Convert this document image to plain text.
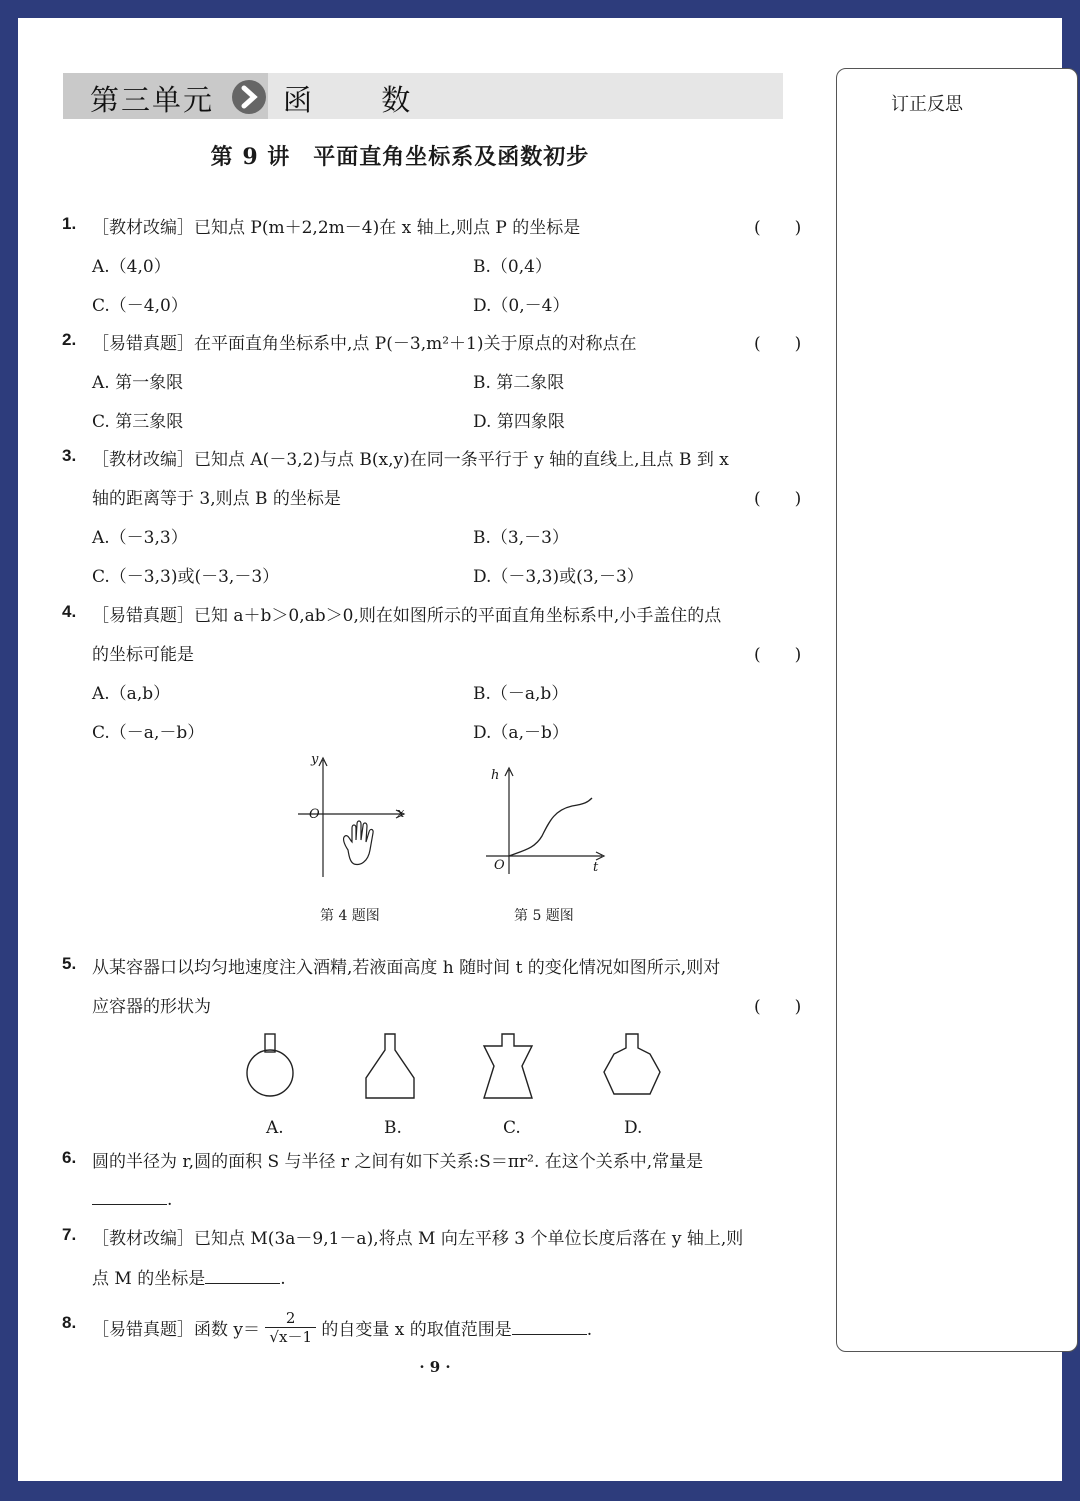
第三单元 函 数
第 9 讲　平面直角坐标系及函数初步
订正反思
1. ［教材改编］已知点 P(m＋2,2m－4)在 x 轴上,则点 P 的坐标是	(　　)
A.（4,0）	B.（0,4）
C.（－4,0）	D.（0,－4）
2. ［易错真题］在平面直角坐标系中,点 P(－3,m²＋1)关于原点的对称点在	(　　)
A. 第一象限	B. 第二象限
C. 第三象限	D. 第四象限
3. ［教材改编］已知点 A(－3,2)与点 B(x,y)在同一条平行于 y 轴的直线上,且点 B 到 x
轴的距离等于 3,则点 B 的坐标是	(　　)
A.（－3,3）	B.（3,－3）
C.（－3,3)或(－3,－3）	D.（－3,3)或(3,－3）
4. ［易错真题］已知 a＋b＞0,ab＞0,则在如图所示的平面直角坐标系中,小手盖住的点
的坐标可能是	(　　)
A.（a,b）	B.（－a,b）
C.（－a,－b）	D.（a,－b）
y
x
O
第 4 题图
h
t
O
第 5 题图
5. 从某容器口以均匀地速度注入酒精,若液面高度 h 随时间 t 的变化情况如图所示,则对
应容器的形状为	(　　)
A.	B.	C.	D.
6. 圆的半径为 r,圆的面积 S 与半径 r 之间有如下关系:S＝πr². 在这个关系中,常量是
.
7. ［教材改编］已知点 M(3a－9,1－a),将点 M 向左平移 3 个单位长度后落在 y 轴上,则
点 M 的坐标是	.
8. ［易错真题］函数 $y= \frac{2}{√x-1}$ 的自变量 x 的取值范围是	.
· 9 ·
